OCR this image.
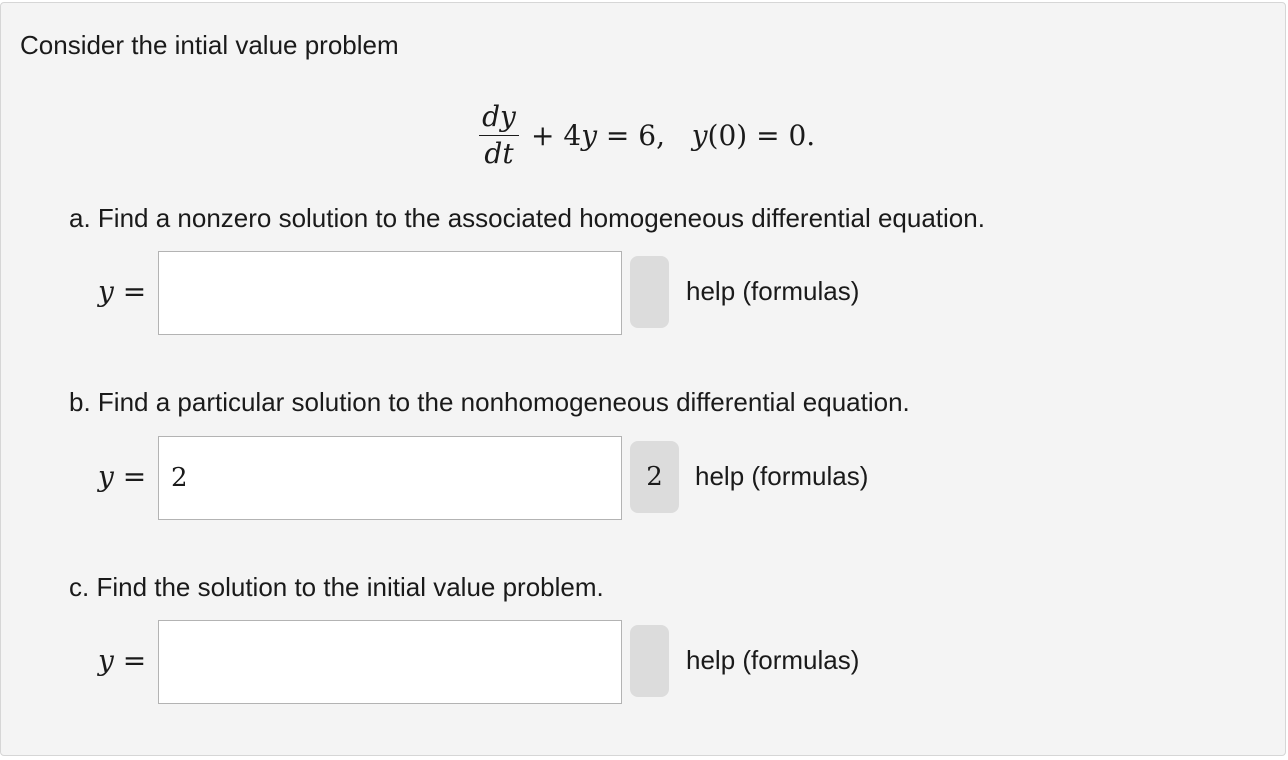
Consider the intial value problem
$\frac{dy}{dt} + 4y = 6$, y(0) = 0.
a. Find a nonzero solution to the associated homogeneous differential equation.
y =	help (formulas)
b. Find a particular solution to the nonhomogeneous differential equation.
y =
2	2	help (formulas)
c. Find the solution to the initial value problem.
y =	help (formulas)
